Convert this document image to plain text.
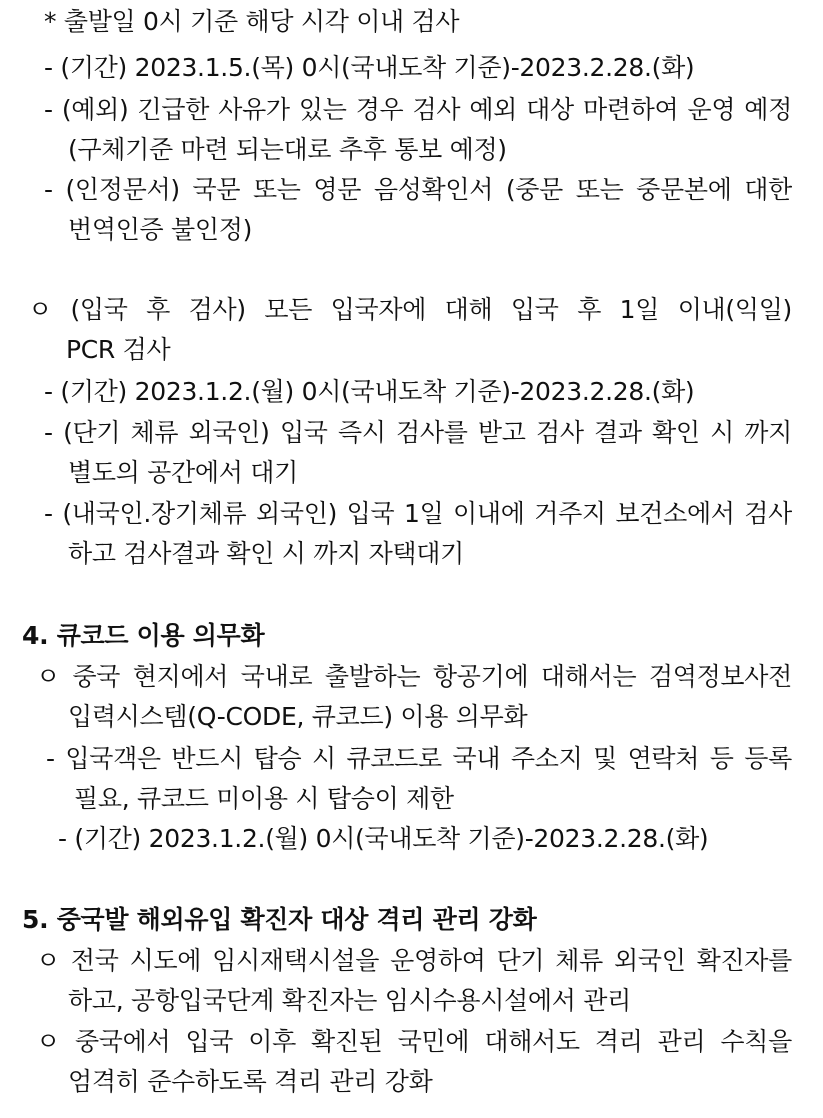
* 출발일 0시 기준 해당 시각 이내 검사
- (기간) 2023.1.5.(목) 0시(국내도착 기준)-2023.2.28.(화)
- (예외) 긴급한 사유가 있는 경우 검사 예외 대상 마련하여 운영 예정
(구체기준 마련 되는대로 추후 통보 예정)
- (인정문서) 국문 또는 영문 음성확인서 (중문 또는 중문본에 대한
번역인증 불인정)
ㅇ (입국 후 검사) 모든 입국자에 대해 입국 후 1일 이내(익일)
PCR 검사
- (기간) 2023.1.2.(월) 0시(국내도착 기준)-2023.2.28.(화)
- (단기 체류 외국인) 입국 즉시 검사를 받고 검사 결과 확인 시 까지
별도의 공간에서 대기
- (내국인.장기체류 외국인) 입국 1일 이내에 거주지 보건소에서 검사
하고 검사결과 확인 시 까지 자택대기
4. 큐코드 이용 의무화
ㅇ 중국 현지에서 국내로 출발하는 항공기에 대해서는 검역정보사전
입력시스템(Q-CODE, 큐코드) 이용 의무화
- 입국객은 반드시 탑승 시 큐코드로 국내 주소지 및 연락처 등 등록
필요, 큐코드 미이용 시 탑승이 제한
- (기간) 2023.1.2.(월) 0시(국내도착 기준)-2023.2.28.(화)
5. 중국발 해외유입 확진자 대상 격리 관리 강화
ㅇ 전국 시도에 임시재택시설을 운영하여 단기 체류 외국인 확진자를
하고, 공항입국단계 확진자는 임시수용시설에서 관리
ㅇ 중국에서 입국 이후 확진된 국민에 대해서도 격리 관리 수칙을
엄격히 준수하도록 격리 관리 강화
